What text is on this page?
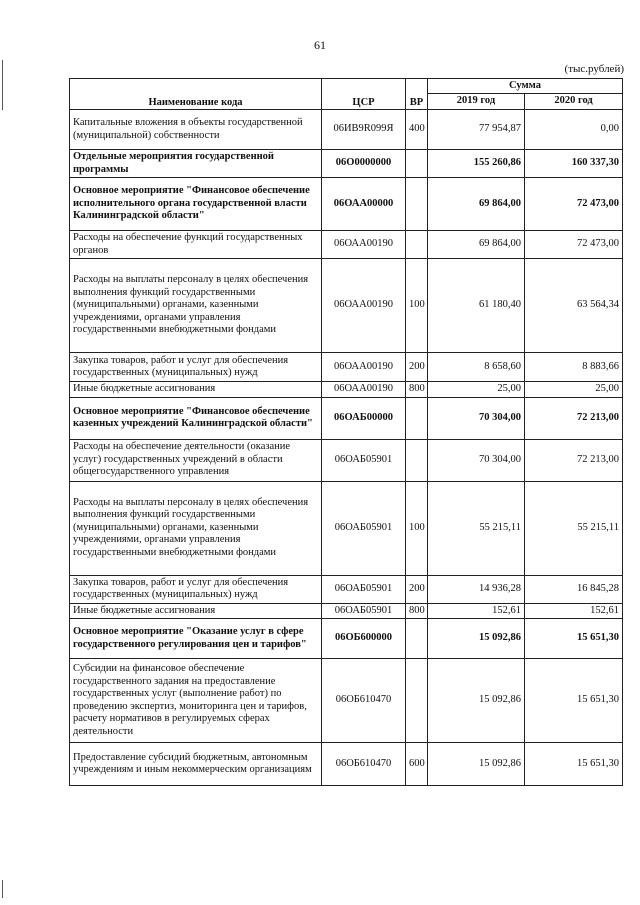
61
(тыс.рублей)
Наименование кода	ЦСР	ВР	Сумма	
			2019 год	2020 год
Капитальные вложения в объекты государственной (муниципальной) собственности	06ИВ9R099Я	400	77 954,87	0,00
Отдельные мероприятия государственной программы	06О0000000		155 260,86	160 337,30
Основное мероприятие "Финансовое обеспечение исполнительного органа государственной власти Калининградской области"	06ОАА00000		69 864,00	72 473,00
Расходы на обеспечение функций государственных органов	06ОАА00190		69 864,00	72 473,00
Расходы на выплаты персоналу в целях обеспечения выполнения функций государственными (муниципальными) органами, казенными учреждениями, органами управления государственными внебюджетными фондами	06ОАА00190	100	61 180,40	63 564,34
Закупка товаров, работ и услуг для обеспечения государственных (муниципальных) нужд	06ОАА00190	200	8 658,60	8 883,66
Иные бюджетные ассигнования	06ОАА00190	800	25,00	25,00
Основное мероприятие "Финансовое обеспечение казенных учреждений Калининградской области"	06ОАБ00000		70 304,00	72 213,00
Расходы на обеспечение деятельности (оказание услуг) государственных учреждений в области общегосударственного управления	06ОАБ05901		70 304,00	72 213,00
Расходы на выплаты персоналу в целях обеспечения выполнения функций государственными (муниципальными) органами, казенными учреждениями, органами управления государственными внебюджетными фондами	06ОАБ05901	100	55 215,11	55 215,11
Закупка товаров, работ и услуг для обеспечения государственных (муниципальных) нужд	06ОАБ05901	200	14 936,28	16 845,28
Иные бюджетные ассигнования	06ОАБ05901	800	152,61	152,61
Основное мероприятие "Оказание услуг в сфере государственного регулирования цен и тарифов"	06ОБ600000		15 092,86	15 651,30
Субсидии на финансовое обеспечение государственного задания на предоставление государственных услуг (выполнение работ) по проведению экспертиз, мониторинга цен и тарифов, расчету нормативов в регулируемых сферах деятельности	06ОБ610470		15 092,86	15 651,30
Предоставление субсидий бюджетным, автономным учреждениям и иным некоммерческим организациям	06ОБ610470	600	15 092,86	15 651,30
